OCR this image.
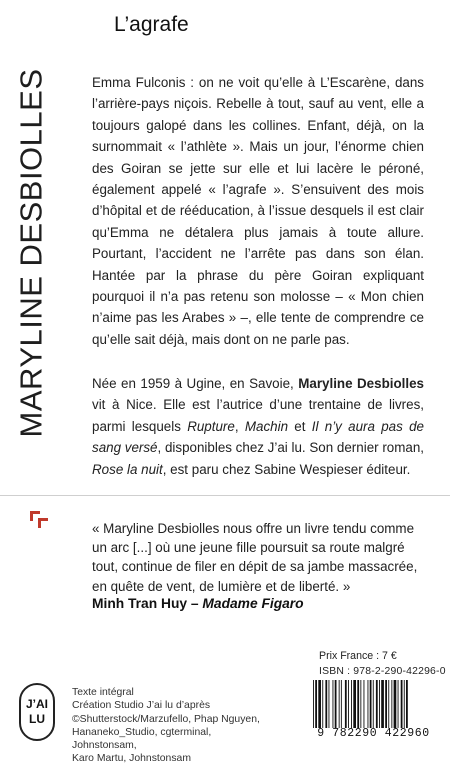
MARYLINE DESBIOLLES
L’agrafe

Emma Fulconis : on ne voit qu’elle à L’Escarène, dans l’arrière-pays niçois. Rebelle à tout, sauf au vent, elle a toujours galopé dans les collines. Enfant, déjà, on la surnommait « l’athlète ». Mais un jour, l’énorme chien des Goiran se jette sur elle et lui lacère le péroné, également appelé « l’agrafe ». S’ensuivent des mois d’hôpital et de rééducation, à l’issue desquels il est clair qu’Emma ne détalera plus jamais à toute allure. Pourtant, l’accident ne l’arrête pas dans son élan. Hantée par la phrase du père Goiran expliquant pourquoi il n’a pas retenu son molosse – « Mon chien n’aime pas les Arabes » –, elle tente de comprendre ce qu’elle sait déjà, mais dont on ne parle pas.

Née en 1959 à Ugine, en Savoie, Maryline Desbiolles vit à Nice. Elle est l’autrice d’une trentaine de livres, parmi lesquels Rupture, Machin et Il n’y aura pas de sang versé, disponibles chez J’ai lu. Son dernier roman, Rose la nuit, est paru chez Sabine Wespieser éditeur.

« Maryline Desbiolles nous offre un livre tendu comme un arc [...] où une jeune fille poursuit sa route malgré tout, continue de filer en dépit de sa jambe massacrée, en quête de vent, de lumière et de liberté. »

Minh Tran Huy – Madame Figaro
J’AI
LU
Texte intégral
Création Studio J’ai lu d’après
©Shutterstock/Marzufello, Phap Nguyen,
Hananeko_Studio, cgterminal, Johnstonsam,
Karo Martu, Johnstonsam
Prix France : 7 €
ISBN : 978-2-290-42296-0
9 782290 422960
